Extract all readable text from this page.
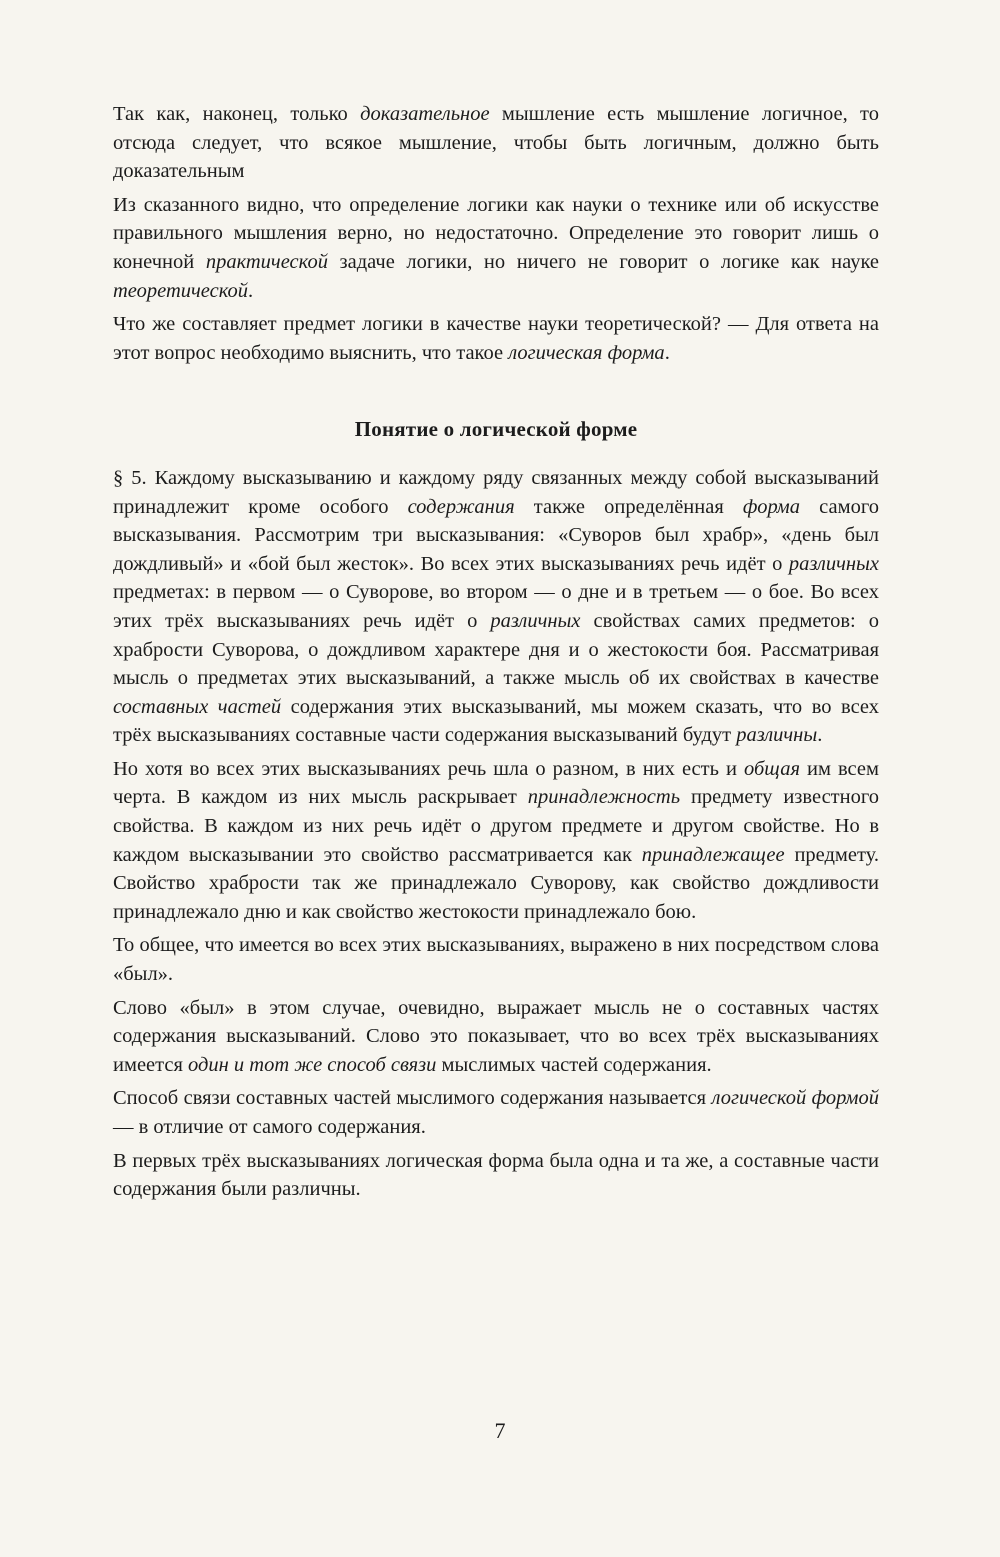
Так как, наконец, только доказательное мышление есть мышление логичное, то отсюда следует, что всякое мышление, чтобы быть логичным, должно быть доказательным

Из сказанного видно, что определение логики как науки о технике или об искусстве правильного мышления верно, но недостаточно. Определение это говорит лишь о конечной практической задаче логики, но ничего не говорит о логике как науке теоретической.

Что же составляет предмет логики в качестве науки теоретической? — Для ответа на этот вопрос необходимо выяснить, что такое логическая форма.

Понятие о логической форме

§ 5. Каждому высказыванию и каждому ряду связанных между собой высказываний принадлежит кроме особого содержания также определённая форма самого высказывания. Рассмотрим три высказывания: «Суворов был храбр», «день был дождливый» и «бой был жесток». Во всех этих высказываниях речь идёт о различных предметах: в первом — о Суворове, во втором — о дне и в третьем — о бое. Во всех этих трёх высказываниях речь идёт о различных свойствах самих предметов: о храбрости Суворова, о дождливом характере дня и о жестокости боя. Рассматривая мысль о предметах этих высказываний, а также мысль об их свойствах в качестве составных частей содержания этих высказываний, мы можем сказать, что во всех трёх высказываниях составные части содержания высказываний будут различны.

Но хотя во всех этих высказываниях речь шла о разном, в них есть и общая им всем черта. В каждом из них мысль раскрывает принадлежность предмету известного свойства. В каждом из них речь идёт о другом предмете и другом свойстве. Но в каждом высказывании это свойство рассматривается как принадлежащее предмету. Свойство храбрости так же принадлежало Суворову, как свойство дождливости принадлежало дню и как свойство жестокости принадлежало бою.

То общее, что имеется во всех этих высказываниях, выражено в них посредством слова «был».

Слово «был» в этом случае, очевидно, выражает мысль не о составных частях содержания высказываний. Слово это показывает, что во всех трёх высказываниях имеется один и тот же способ связи мыслимых частей содержания.

Способ связи составных частей мыслимого содержания называется логической формой — в отличие от самого содержания.

В первых трёх высказываниях логическая форма была одна и та же, а составные части содержания были различны.

7
